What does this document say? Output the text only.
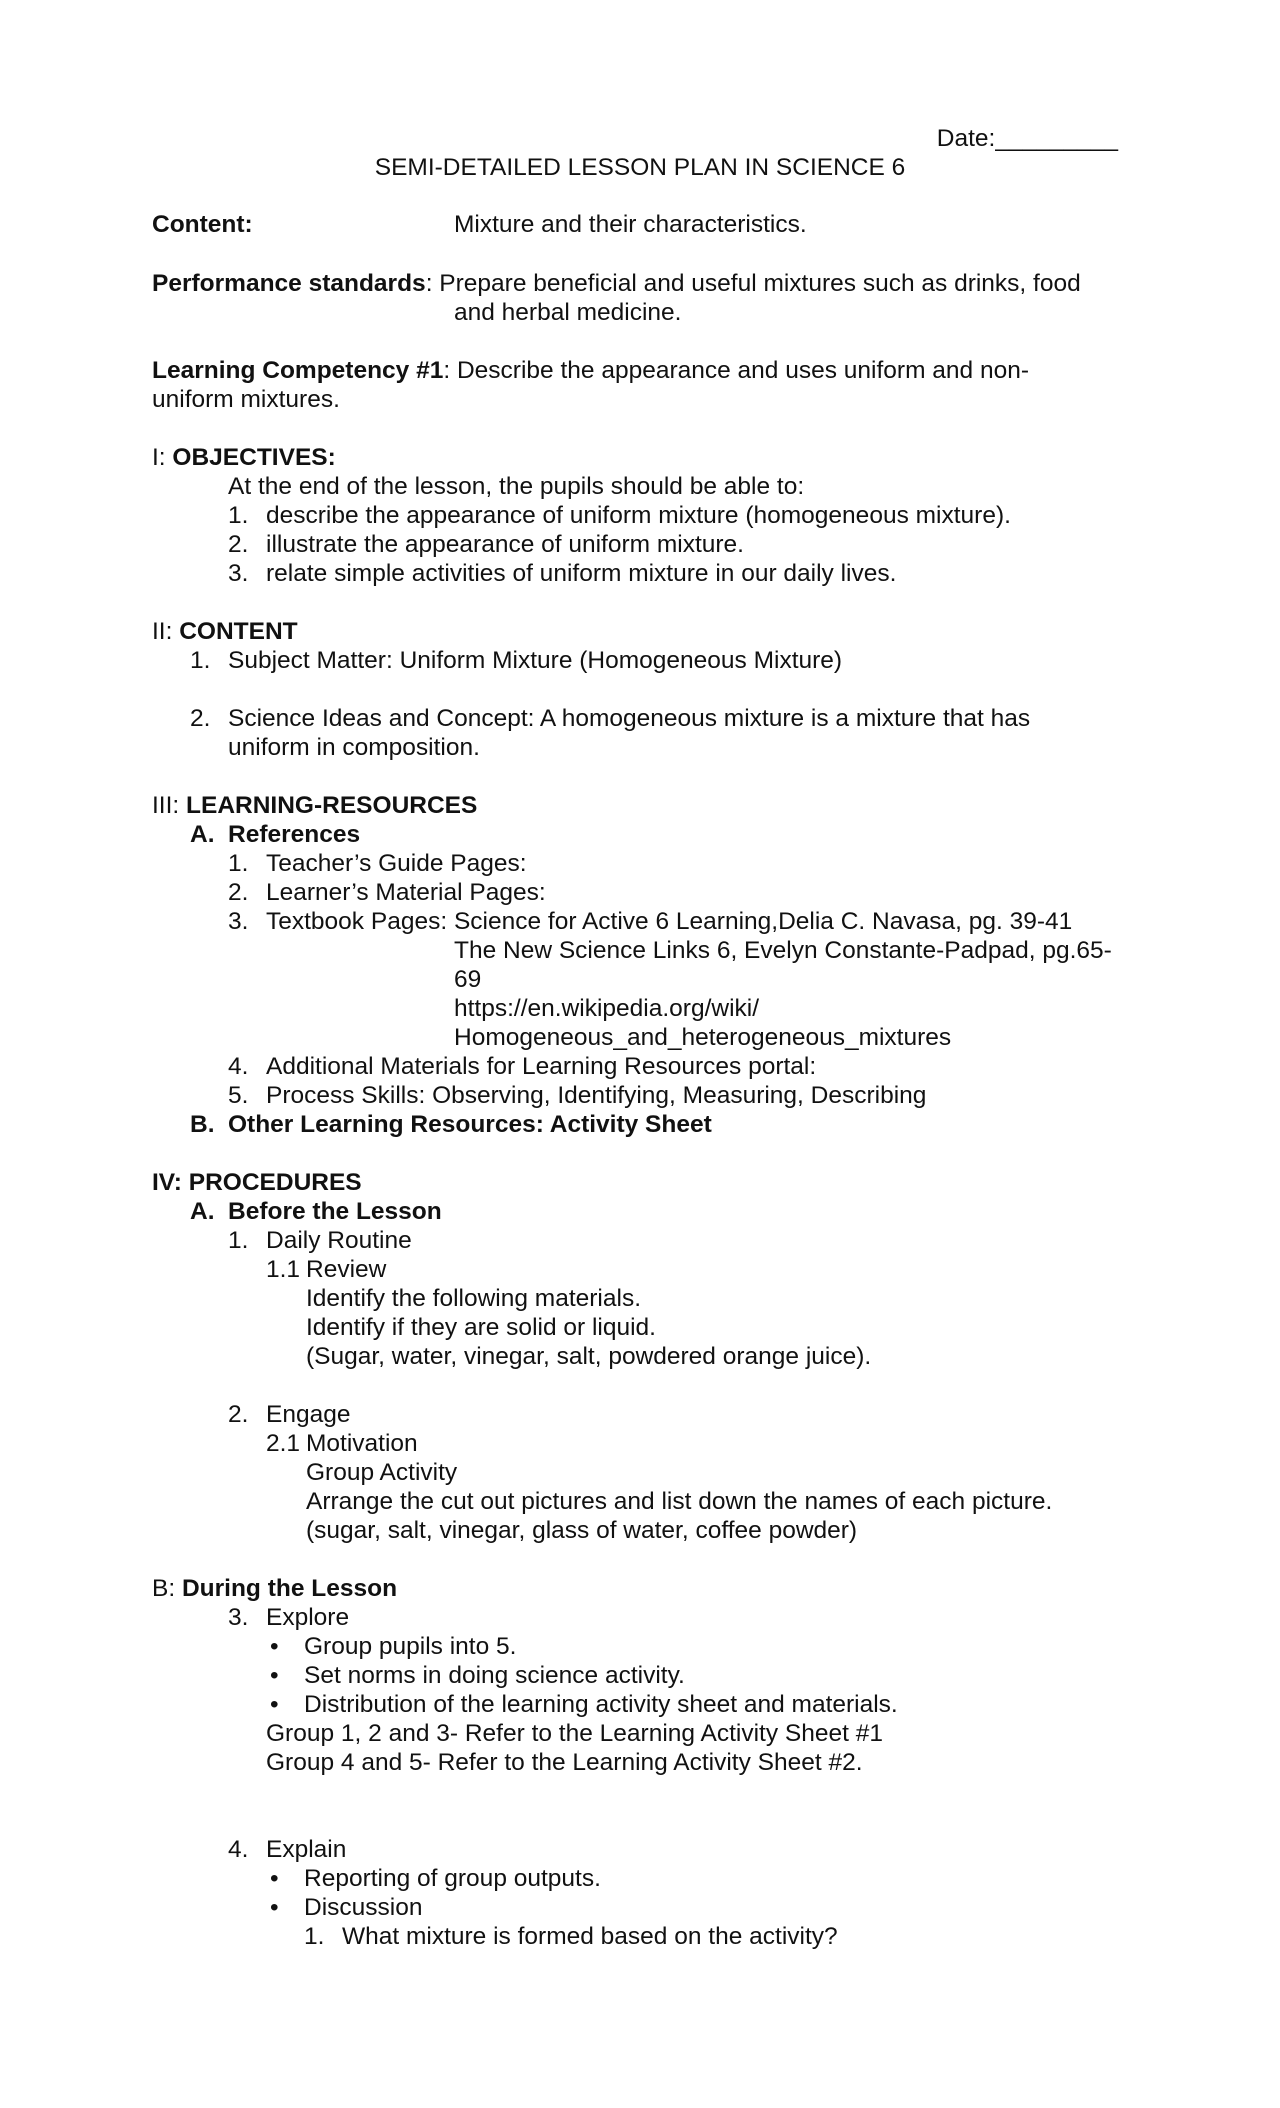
Date:_________
SEMI-DETAILED LESSON PLAN IN SCIENCE 6
Content:	Mixture and their characteristics.
Performance standards: Prepare beneficial and useful mixtures such as drinks, food
and herbal medicine.
Learning Competency #1: Describe the appearance and uses uniform and non-
uniform mixtures.
I: OBJECTIVES:
At the end of the lesson, the pupils should be able to:
1. describe the appearance of uniform mixture (homogeneous mixture).
2. illustrate the appearance of uniform mixture.
3. relate simple activities of uniform mixture in our daily lives.
II: CONTENT
1. Subject Matter: Uniform Mixture (Homogeneous Mixture)
2. Science Ideas and Concept: A homogeneous mixture is a mixture that has
uniform in composition.
III: LEARNING-RESOURCES
A. References
1. Teacher’s Guide Pages:
2. Learner’s Material Pages:
3. Textbook Pages: Science for Active 6 Learning,Delia C. Navasa, pg. 39-41
The New Science Links 6, Evelyn Constante-Padpad, pg.65-
69
https://en.wikipedia.org/wiki/
Homogeneous_and_heterogeneous_mixtures
4. Additional Materials for Learning Resources portal:
5. Process Skills: Observing, Identifying, Measuring, Describing
B. Other Learning Resources: Activity Sheet
IV: PROCEDURES
A. Before the Lesson
1. Daily Routine
1.1 Review
Identify the following materials.
Identify if they are solid or liquid.
(Sugar, water, vinegar, salt, powdered orange juice).
2. Engage
2.1 Motivation
Group Activity
Arrange the cut out pictures and list down the names of each picture.
(sugar, salt, vinegar, glass of water, coffee powder)
B: During the Lesson
3. Explore
• Group pupils into 5.
• Set norms in doing science activity.
• Distribution of the learning activity sheet and materials.
Group 1, 2 and 3- Refer to the Learning Activity Sheet #1
Group 4 and 5- Refer to the Learning Activity Sheet #2.
4. Explain
• Reporting of group outputs.
• Discussion
1. What mixture is formed based on the activity?
